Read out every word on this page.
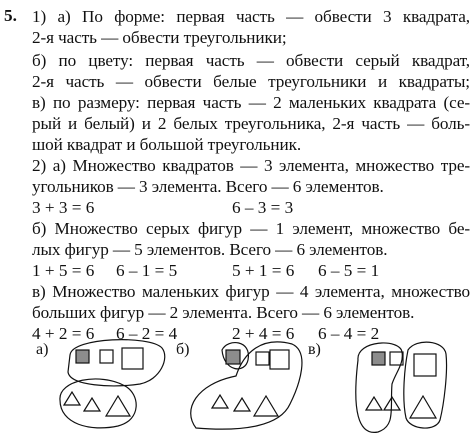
5. 1) а) По форме: первая часть — обвести 3 квадрата,
2-я часть — обвести треугольники;
б) по цвету: первая часть — обвести серый квадрат,
2-я часть — обвести белые треугольники и квадраты;
в) по размеру: первая часть — 2 маленьких квадрата (се-
рый и белый) и 2 белых треугольника, 2-я часть — боль-
шой квадрат и большой треугольник.
2) а) Множество квадратов — 3 элемента, множество тре-
угольников — 3 элемента. Всего — 6 элементов.
3 + 3 = 6	6 – 3 = 3
б) Множество серых фигур — 1 элемент, множество бе-
лых фигур — 5 элементов. Всего — 6 элементов.
1 + 5 = 6 6 – 1 = 5	5 + 1 = 6 6 – 5 = 1
в) Множество маленьких фигур — 4 элемента, множество
больших фигур — 2 элемента. Всего — 6 элементов.
4 + 2 = 6 6 – 2 = 4	2 + 4 = 6 6 – 4 = 2
а)	б)	в)
